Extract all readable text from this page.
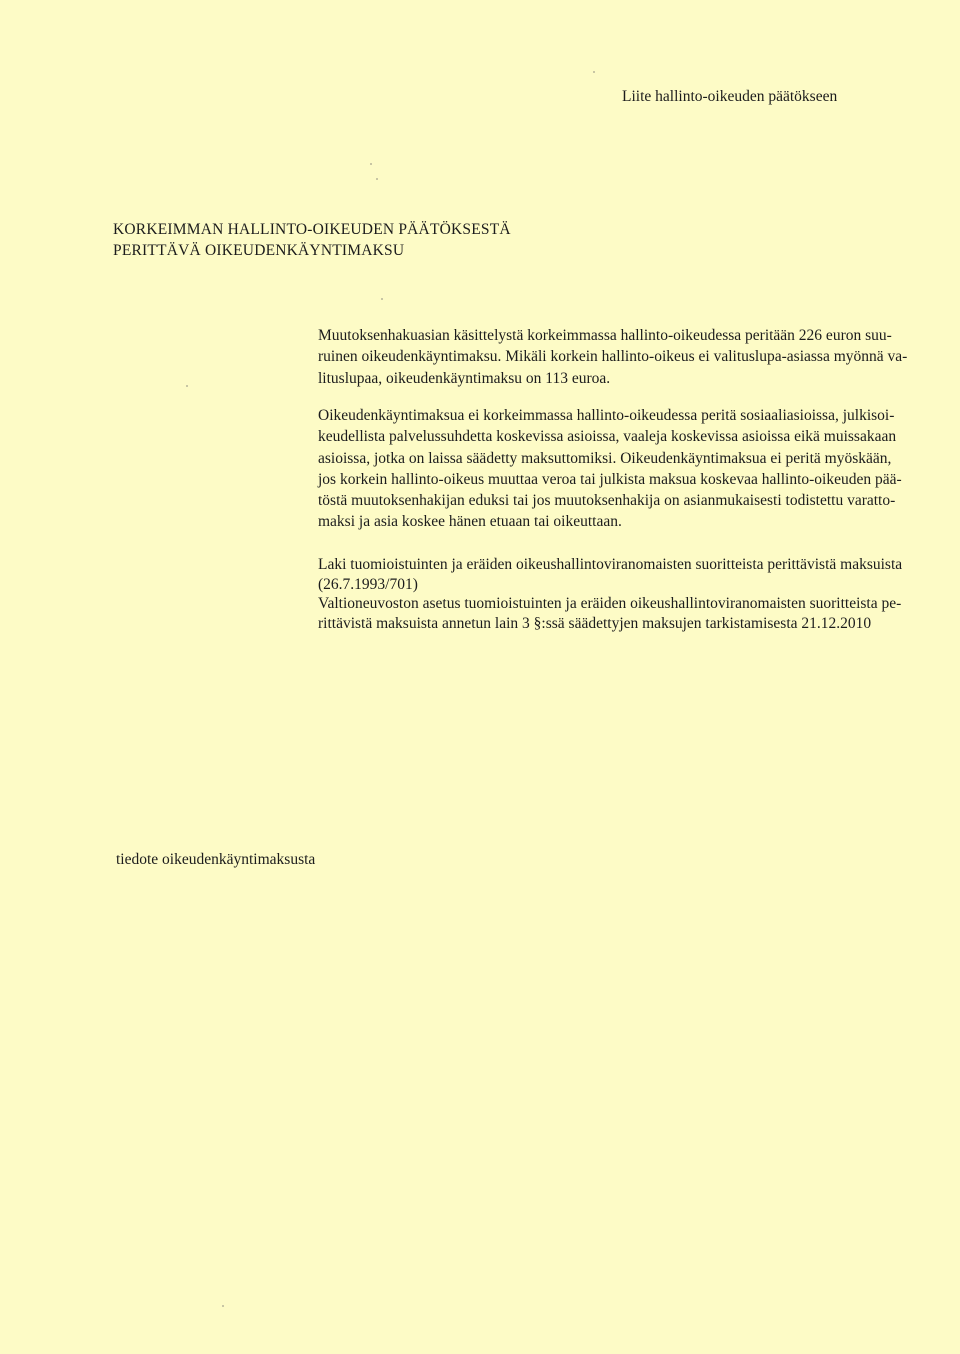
Liite hallinto-oikeuden päätökseen
KORKEIMMAN HALLINTO-OIKEUDEN PÄÄTÖKSESTÄ
PERITTÄVÄ OIKEUDENKÄYNTIMAKSU
Muutoksenhakuasian käsittelystä korkeimmassa hallinto-oikeudessa peritään 226 euron suu-
ruinen oikeudenkäyntimaksu. Mikäli korkein hallinto-oikeus ei valituslupa-asiassa myönnä va-
lituslupaa, oikeudenkäyntimaksu on 113 euroa.
Oikeudenkäyntimaksua ei korkeimmassa hallinto-oikeudessa peritä sosiaaliasioissa, julkisoi-
keudellista palvelussuhdetta koskevissa asioissa, vaaleja koskevissa asioissa eikä muissakaan
asioissa, jotka on laissa säädetty maksuttomiksi. Oikeudenkäyntimaksua ei peritä myöskään,
jos korkein hallinto-oikeus muuttaa veroa tai julkista maksua koskevaa hallinto-oikeuden pää-
töstä muutoksenhakijan eduksi tai jos muutoksenhakija on asianmukaisesti todistettu varatto-
maksi ja asia koskee hänen etuaan tai oikeuttaan.
Laki tuomioistuinten ja eräiden oikeushallintoviranomaisten suoritteista perittävistä maksuista
(26.7.1993/701)
Valtioneuvoston asetus tuomioistuinten ja eräiden oikeushallintoviranomaisten suoritteista pe-
rittävistä maksuista annetun lain 3 §:ssä säädettyjen maksujen tarkistamisesta 21.12.2010
tiedote oikeudenkäyntimaksusta
